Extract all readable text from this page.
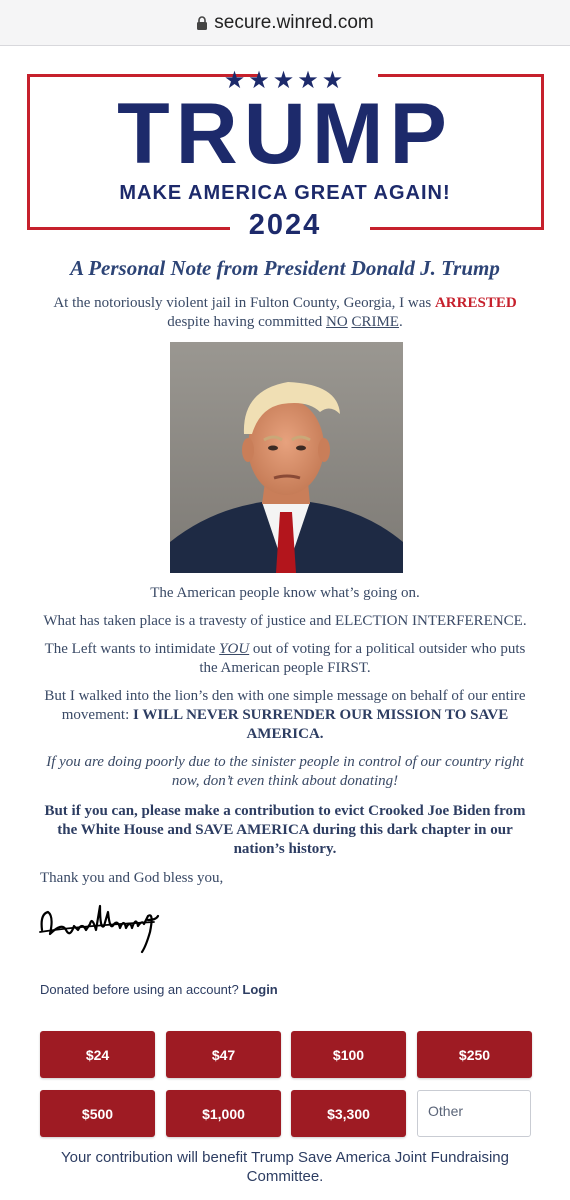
secure.winred.com
★★★★★
TRUMP
MAKE AMERICA GREAT AGAIN!
2024
A Personal Note from President Donald J. Trump
At the notoriously violent jail in Fulton County, Georgia, I was ARRESTED despite having committed NO CRIME.
The American people know what’s going on.
What has taken place is a travesty of justice and ELECTION INTERFERENCE.
The Left wants to intimidate YOU out of voting for a political outsider who puts the American people FIRST.
But I walked into the lion’s den with one simple message on behalf of our entire movement: I WILL NEVER SURRENDER OUR MISSION TO SAVE AMERICA.
If you are doing poorly due to the sinister people in control of our country right now, don’t even think about donating!
But if you can, please make a contribution to evict Crooked Joe Biden from the White House and SAVE AMERICA during this dark chapter in our nation’s history.
Thank you and God bless you,
Donated before using an account? Login
$24	$47	$100	$250
$500	$1,000	$3,300	Other
Your contribution will benefit Trump Save America Joint Fundraising Committee.
